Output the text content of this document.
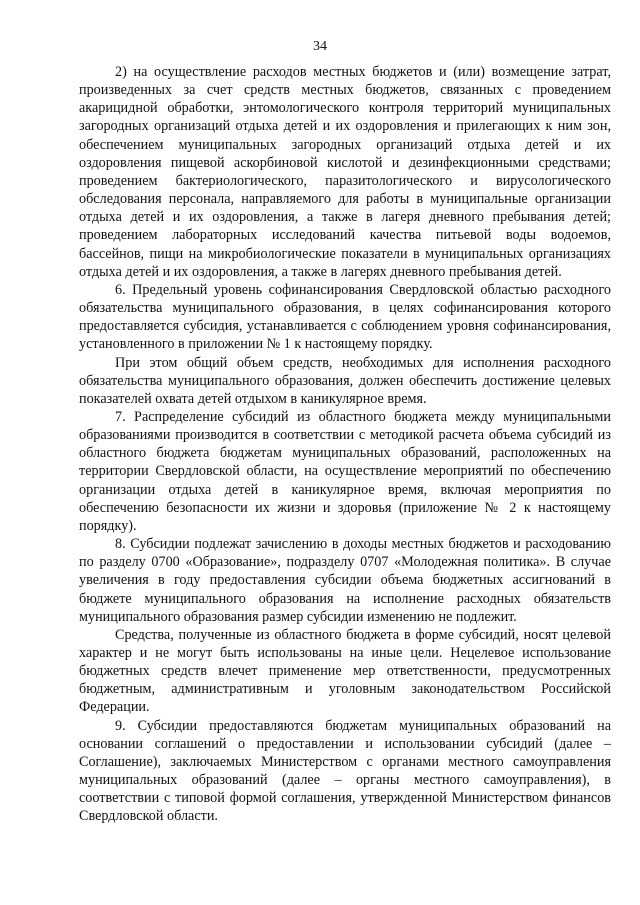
34

2) на осуществление расходов местных бюджетов и (или) возмещение затрат, произведенных за счет средств местных бюджетов, связанных с проведением акарицидной обработки, энтомологического контроля территорий муниципальных загородных организаций отдыха детей и их оздоровления и прилегающих к ним зон, обеспечением муниципальных загородных организаций отдыха детей и их оздоровления пищевой аскорбиновой кислотой и дезинфекционными средствами; проведением бактериологического, паразитологического и вирусологического обследования персонала, направляемого для работы в муниципальные организации отдыха детей и их оздоровления, а также в лагеря дневного пребывания детей; проведением лабораторных исследований качества питьевой воды водоемов, бассейнов, пищи на микробиологические показатели в муниципальных организациях отдыха детей и их оздоровления, а также в лагерях дневного пребывания детей.

6. Предельный уровень софинансирования Свердловской областью расходного обязательства муниципального образования, в целях софинансирования которого предоставляется субсидия, устанавливается с соблюдением уровня софинансирования, установленного в приложении № 1 к настоящему порядку.

При этом общий объем средств, необходимых для исполнения расходного обязательства муниципального образования, должен обеспечить достижение целевых показателей охвата детей отдыхом в каникулярное время.

7. Распределение субсидий из областного бюджета между муниципальными образованиями производится в соответствии с методикой расчета объема субсидий из областного бюджета бюджетам муниципальных образований, расположенных на территории Свердловской области, на осуществление мероприятий по обеспечению организации отдыха детей в каникулярное время, включая мероприятия по обеспечению безопасности их жизни и здоровья (приложение № 2 к настоящему порядку).

8. Субсидии подлежат зачислению в доходы местных бюджетов и расходованию по разделу 0700 «Образование», подразделу 0707 «Молодежная политика». В случае увеличения в году предоставления субсидии объема бюджетных ассигнований в бюджете муниципального образования на исполнение расходных обязательств муниципального образования размер субсидии изменению не подлежит.

Средства, полученные из областного бюджета в форме субсидий, носят целевой характер и не могут быть использованы на иные цели. Нецелевое использование бюджетных средств влечет применение мер ответственности, предусмотренных бюджетным, административным и уголовным законодательством Российской Федерации.

9. Субсидии предоставляются бюджетам муниципальных образований на основании соглашений о предоставлении и использовании субсидий (далее – Соглашение), заключаемых Министерством с органами местного самоуправления муниципальных образований (далее – органы местного самоуправления), в соответствии с типовой формой соглашения, утвержденной Министерством финансов Свердловской области.
